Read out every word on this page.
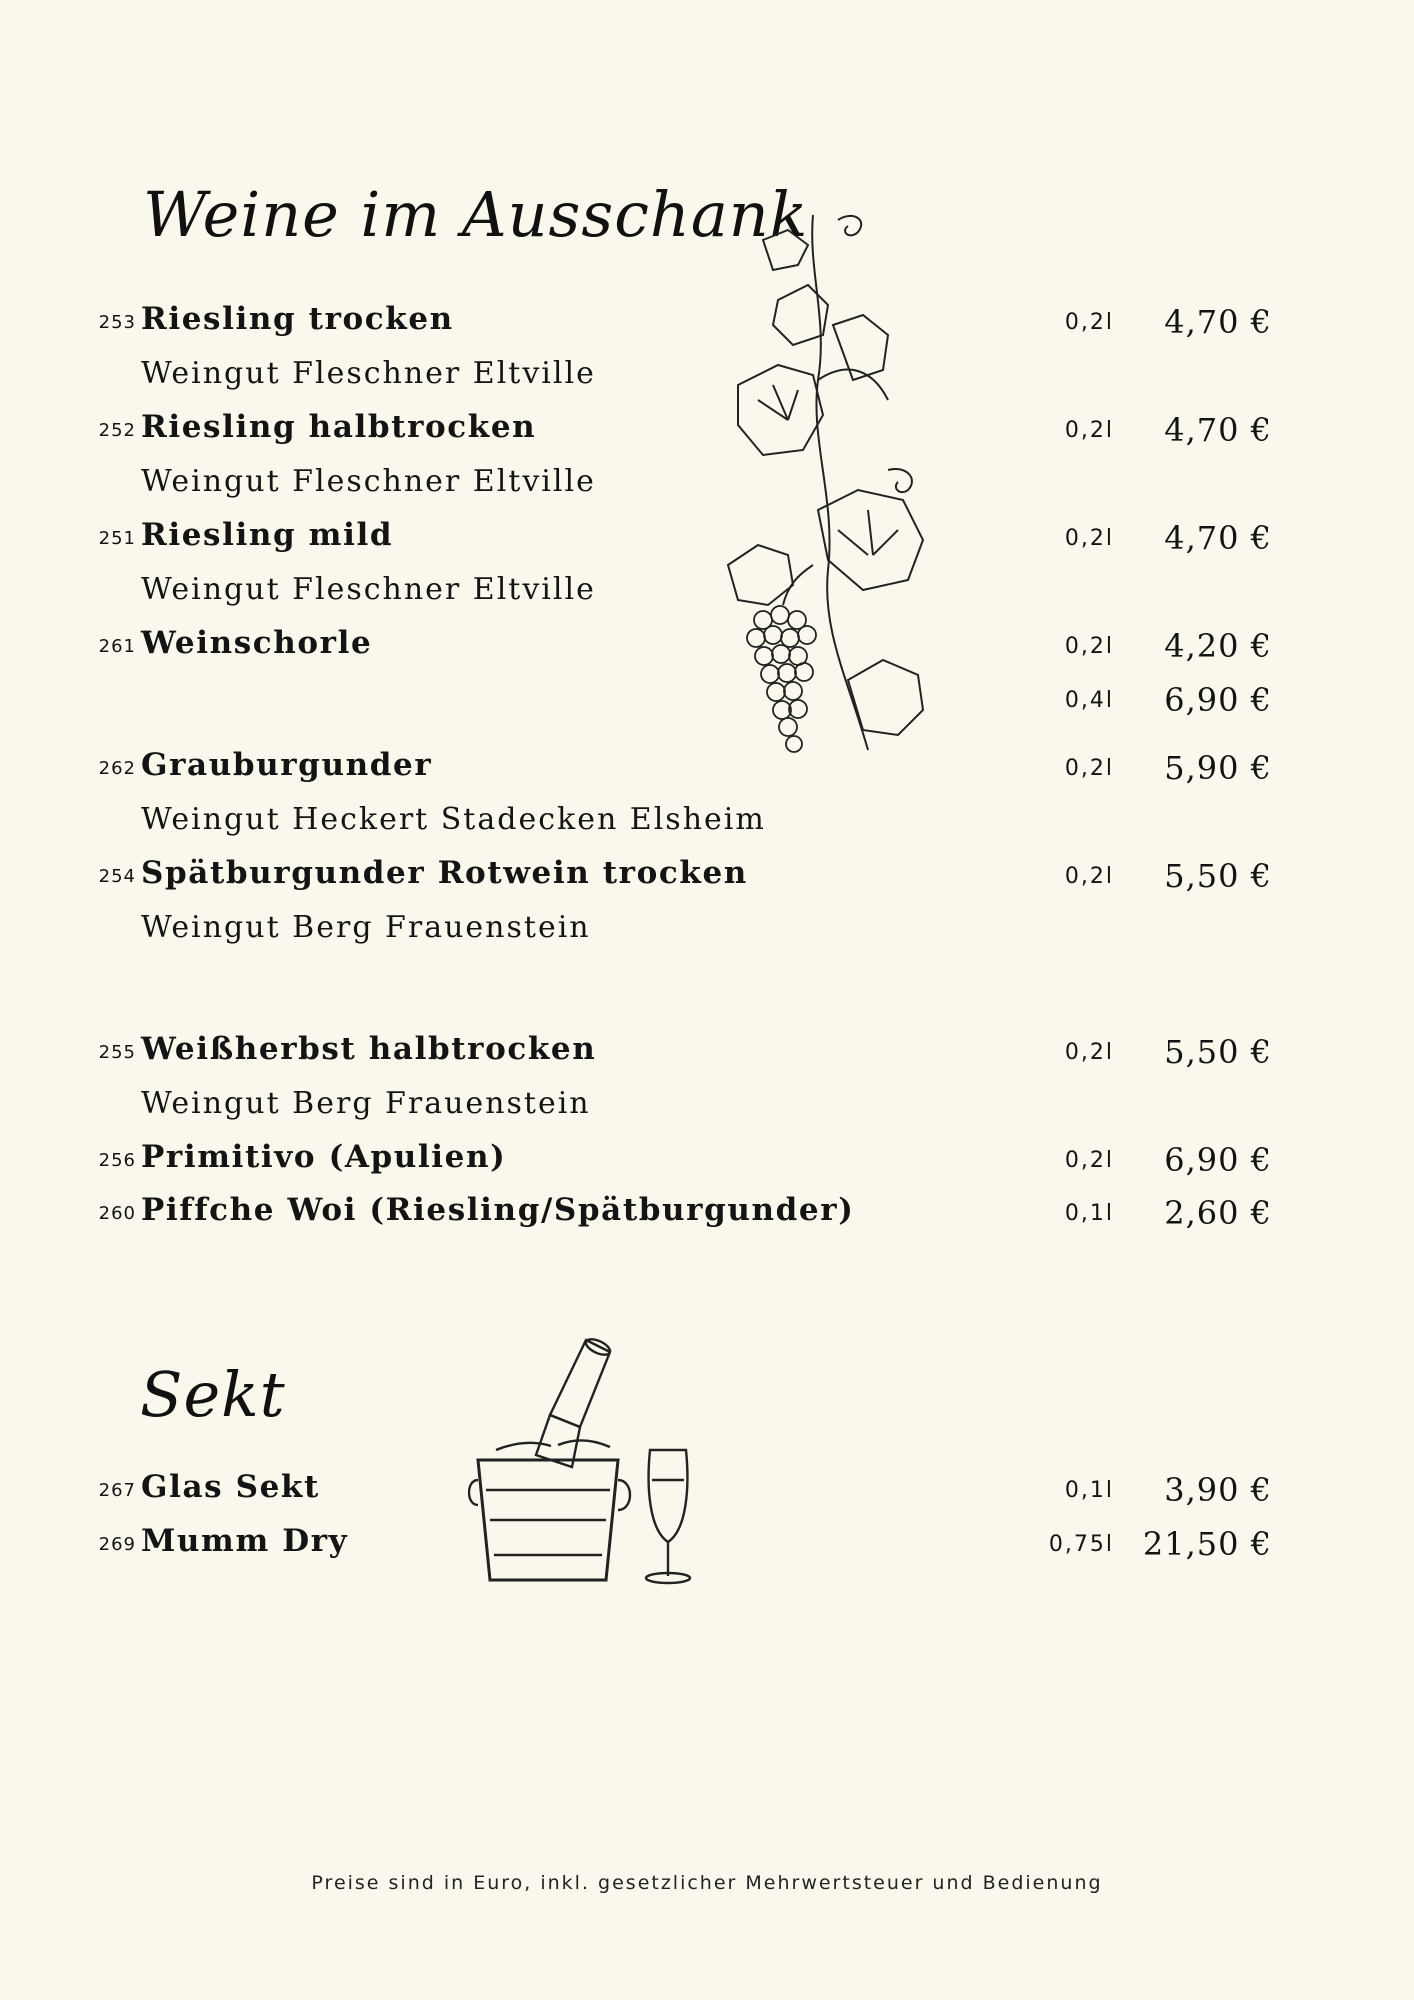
Weine im Ausschank
Sekt
253 Riesling trocken	0,2l 4,70 €
Weingut Fleschner Eltville
252 Riesling halbtrocken	0,2l 4,70 €
Weingut Fleschner Eltville
251 Riesling mild	0,2l 4,70 €
Weingut Fleschner Eltville
261 Weinschorle	0,2l 4,20 €
0,4l 6,90 €
262 Grauburgunder	0,2l 5,90 €
Weingut Heckert Stadecken Elsheim
254 Spätburgunder Rotwein trocken	0,2l 5,50 €
Weingut Berg Frauenstein
255 Weißherbst halbtrocken	0,2l 5,50 €
Weingut Berg Frauenstein
256 Primitivo (Apulien)	0,2l 6,90 €
260 Piffche Woi (Riesling/Spätburgunder)	0,1l 2,60 €
267 Glas Sekt	0,1l 3,90 €
269 Mumm Dry	0,75l 21,50 €
Preise sind in Euro, inkl. gesetzlicher Mehrwertsteuer und Bedienung
